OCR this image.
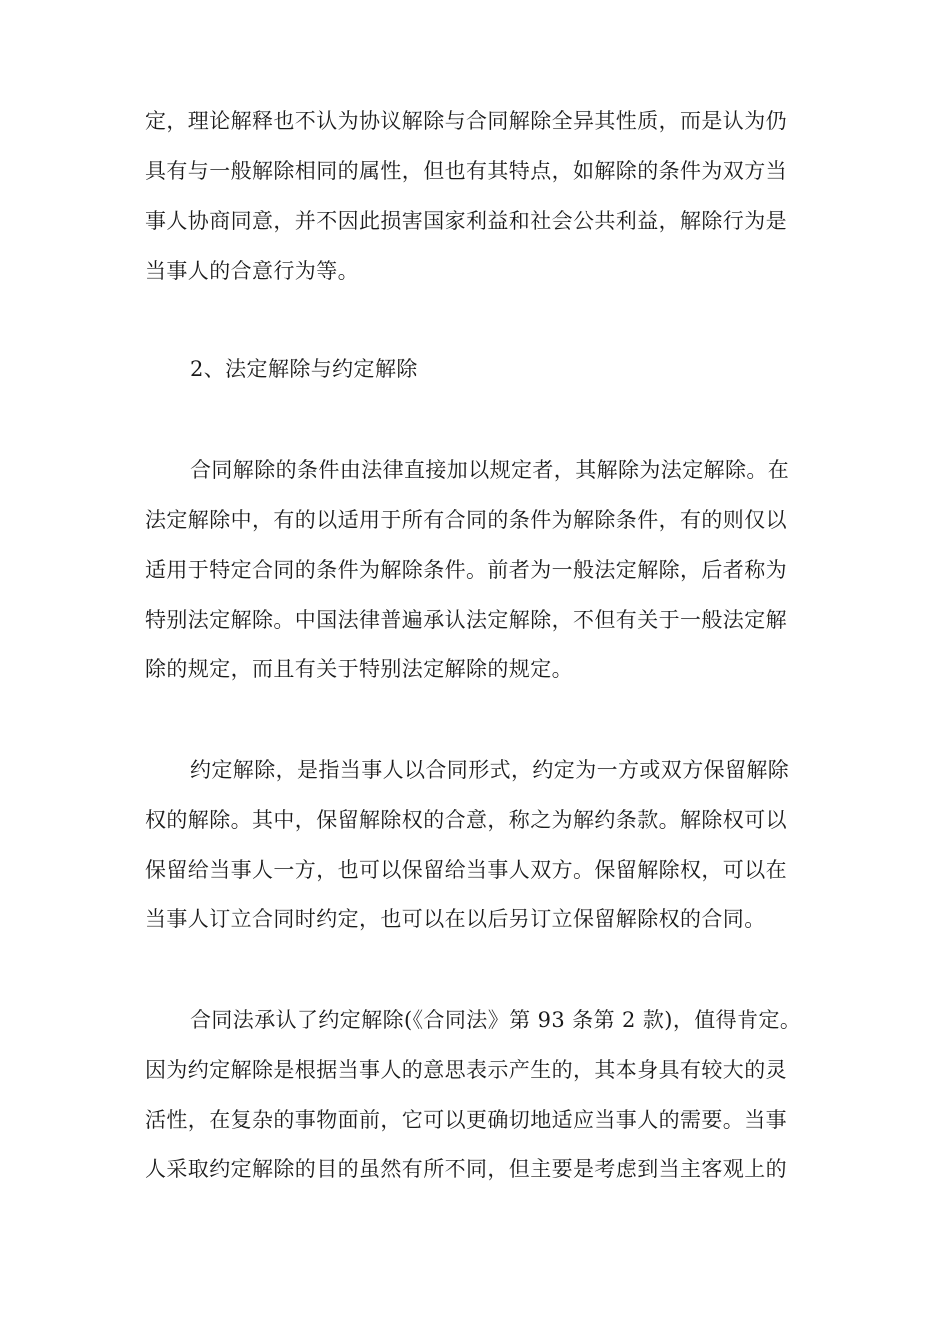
定，理论解释也不认为协议解除与合同解除全异其性质，而是认为仍
具有与一般解除相同的属性，但也有其特点，如解除的条件为双方当
事人协商同意，并不因此损害国家利益和社会公共利益，解除行为是
当事人的合意行为等。
2、法定解除与约定解除
合同解除的条件由法律直接加以规定者，其解除为法定解除。在
法定解除中，有的以适用于所有合同的条件为解除条件，有的则仅以
适用于特定合同的条件为解除条件。前者为一般法定解除，后者称为
特别法定解除。中国法律普遍承认法定解除，不但有关于一般法定解
除的规定，而且有关于特别法定解除的规定。
约定解除，是指当事人以合同形式，约定为一方或双方保留解除
权的解除。其中，保留解除权的合意，称之为解约条款。解除权可以
保留给当事人一方，也可以保留给当事人双方。保留解除权，可以在
当事人订立合同时约定，也可以在以后另订立保留解除权的合同。
合同法承认了约定解除(《合同法》第 93 条第 2 款)，值得肯定。
因为约定解除是根据当事人的意思表示产生的，其本身具有较大的灵
活性，在复杂的事物面前，它可以更确切地适应当事人的需要。当事
人采取约定解除的目的虽然有所不同，但主要是考虑到当主客观上的
